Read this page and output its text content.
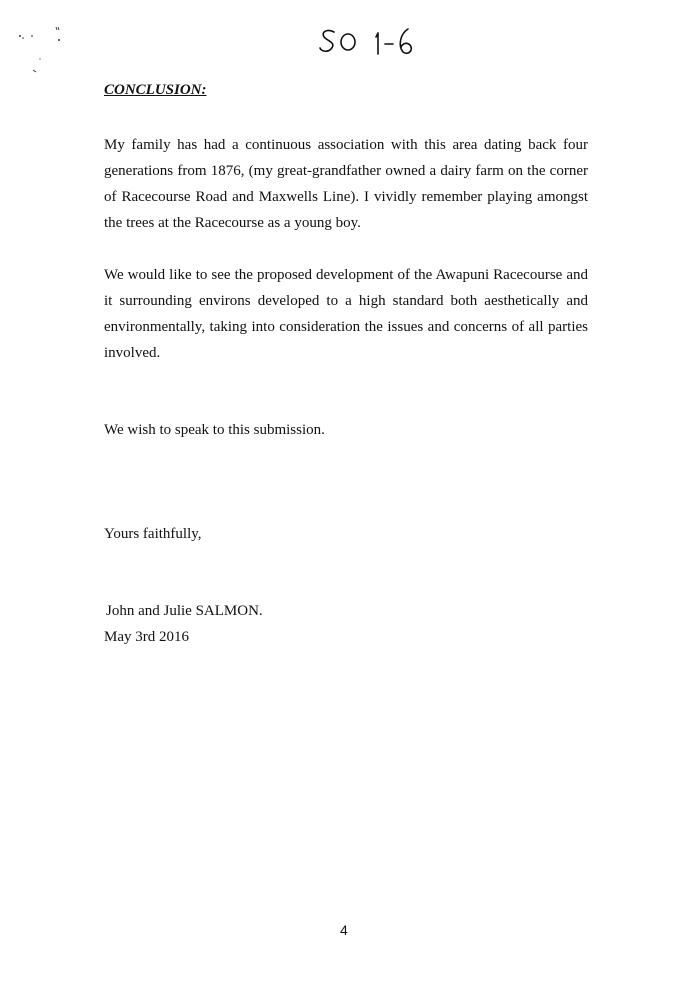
CONCLUSION:

My family has had a continuous association with this area dating back four generations from 1876, (my great-grandfather owned a dairy farm on the corner of Racecourse Road and Maxwells Line). I vividly remember playing amongst the trees at the Racecourse as a young boy.

We would like to see the proposed development of the Awapuni Racecourse and it surrounding environs developed to a high standard both aesthetically and environmentally, taking into consideration the issues and concerns of all parties involved.

We wish to speak to this submission.

Yours faithfully,

John and Julie SALMON.

May 3rd 2016

4
